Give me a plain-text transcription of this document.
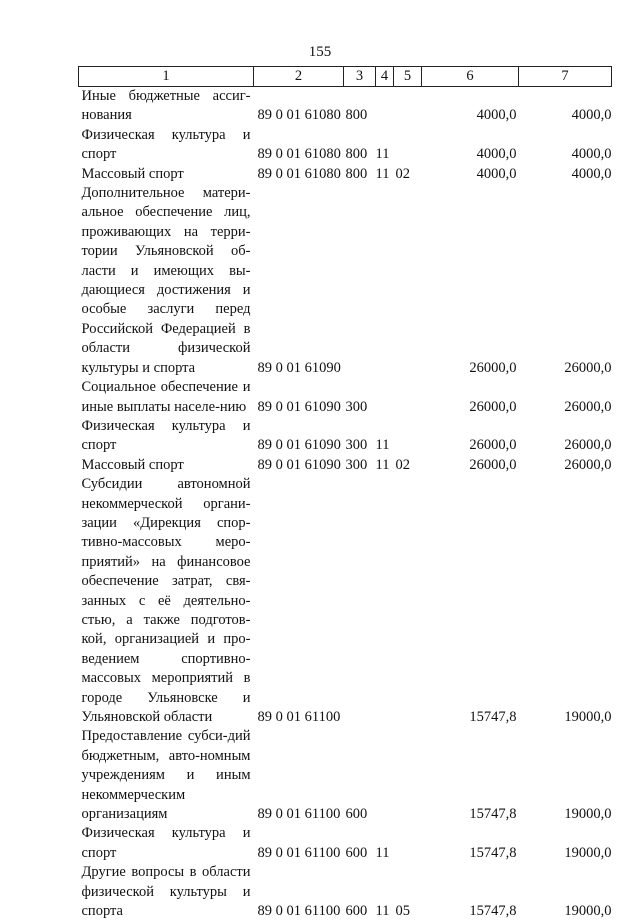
155
1	2	3	4	5	6	7
Иные бюджетные ассиг-нования	89 0 01 61080	800			4000,0	4000,0
Физическая культура и спорт	89 0 01 61080	800	11		4000,0	4000,0
Массовый спорт	89 0 01 61080	800	11	02	4000,0	4000,0
Дополнительное матери-альное обеспечение лиц, проживающих на терри-тории Ульяновской об-ласти и имеющих вы-дающиеся достижения и особые заслуги перед Российской Федерацией в области физической культуры и спорта	89 0 01 61090				26000,0	26000,0
Социальное обеспечение и иные выплаты населе-нию	89 0 01 61090	300			26000,0	26000,0
Физическая культура и спорт	89 0 01 61090	300	11		26000,0	26000,0
Массовый спорт	89 0 01 61090	300	11	02	26000,0	26000,0
Субсидии автономной некоммерческой органи-зации «Дирекция спор-тивно-массовых меро-приятий» на финансовое обеспечение затрат, свя-занных с её деятельно-стью, а также подготов-кой, организацией и про-ведением спортивно-массовых мероприятий в городе Ульяновске и Ульяновской области	89 0 01 61100				15747,8	19000,0
Предоставление субси-дий бюджетным, авто-номным учреждениям и иным некоммерческим организациям	89 0 01 61100	600			15747,8	19000,0
Физическая культура и спорт	89 0 01 61100	600	11		15747,8	19000,0
Другие вопросы в области физической культуры и спорта	89 0 01 61100	600	11	05	15747,8	19000,0
